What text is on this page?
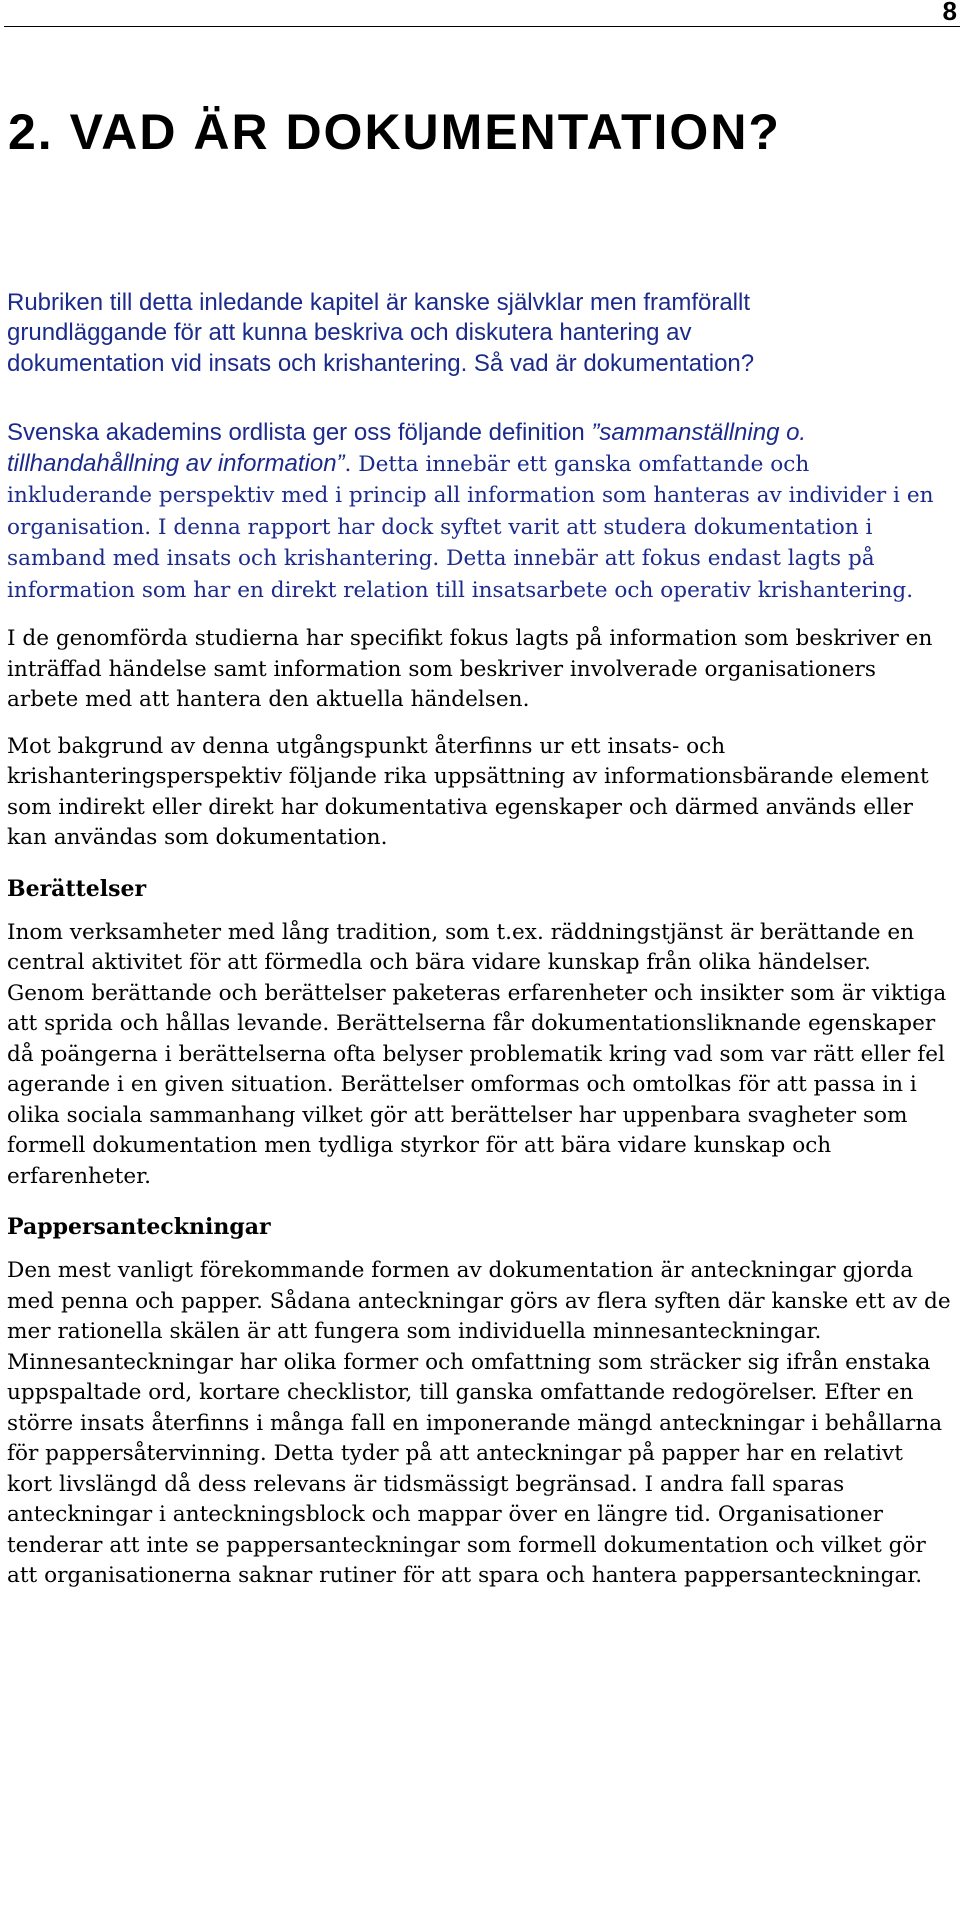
8
2. VAD ÄR DOKUMENTATION?

Rubriken till detta inledande kapitel är kanske självklar men framförallt

grundläggande för att kunna beskriva och diskutera hantering av

dokumentation vid insats och krishantering. Så vad är dokumentation?

Svenska akademins ordlista ger oss följande definition ”sammanställning o. tillhandahållning av information”. Detta innebär ett ganska omfattande och inkluderande perspektiv med i princip all information som hanteras av individer i en organisation. I denna rapport har dock syftet varit att studera dokumentation i samband med insats och krishantering. Detta innebär att fokus endast lagts på information som har en direkt relation till insatsarbete och operativ krishantering.

I de genomförda studierna har specifikt fokus lagts på information som beskriver en inträffad händelse samt information som beskriver involverade organisationers arbete med att hantera den aktuella händelsen.

Mot bakgrund av denna utgångspunkt återfinns ur ett insats- och krishanteringsperspektiv följande rika uppsättning av informationsbärande element som indirekt eller direkt har dokumentativa egenskaper och därmed används eller kan användas som dokumentation.

Berättelser

Inom verksamheter med lång tradition, som t.ex. räddningstjänst är berättande en central aktivitet för att förmedla och bära vidare kunskap från olika händelser. Genom berättande och berättelser paketeras erfarenheter och insikter som är viktiga att sprida och hållas levande. Berättelserna får dokumentationsliknande egenskaper då poängerna i berättelserna ofta belyser problematik kring vad som var rätt eller fel agerande i en given situation. Berättelser omformas och omtolkas för att passa in i olika sociala sammanhang vilket gör att berättelser har uppenbara svagheter som formell dokumentation men tydliga styrkor för att bära vidare kunskap och erfarenheter.

Pappersanteckningar

Den mest vanligt förekommande formen av dokumentation är anteckningar gjorda med penna och papper. Sådana anteckningar görs av flera syften där kanske ett av de mer rationella skälen är att fungera som individuella minnesanteckningar. Minnesanteckningar har olika former och omfattning som sträcker sig ifrån enstaka uppspaltade ord, kortare checklistor, till ganska omfattande redogörelser. Efter en större insats återfinns i många fall en imponerande mängd anteckningar i behållarna för pappersåtervinning. Detta tyder på att anteckningar på papper har en relativt kort livslängd då dess relevans är tidsmässigt begränsad. I andra fall sparas anteckningar i anteckningsblock och mappar över en längre tid. Organisationer tenderar att inte se pappersanteckningar som formell dokumentation och vilket gör att organisationerna saknar rutiner för att spara och hantera pappersanteckningar.
